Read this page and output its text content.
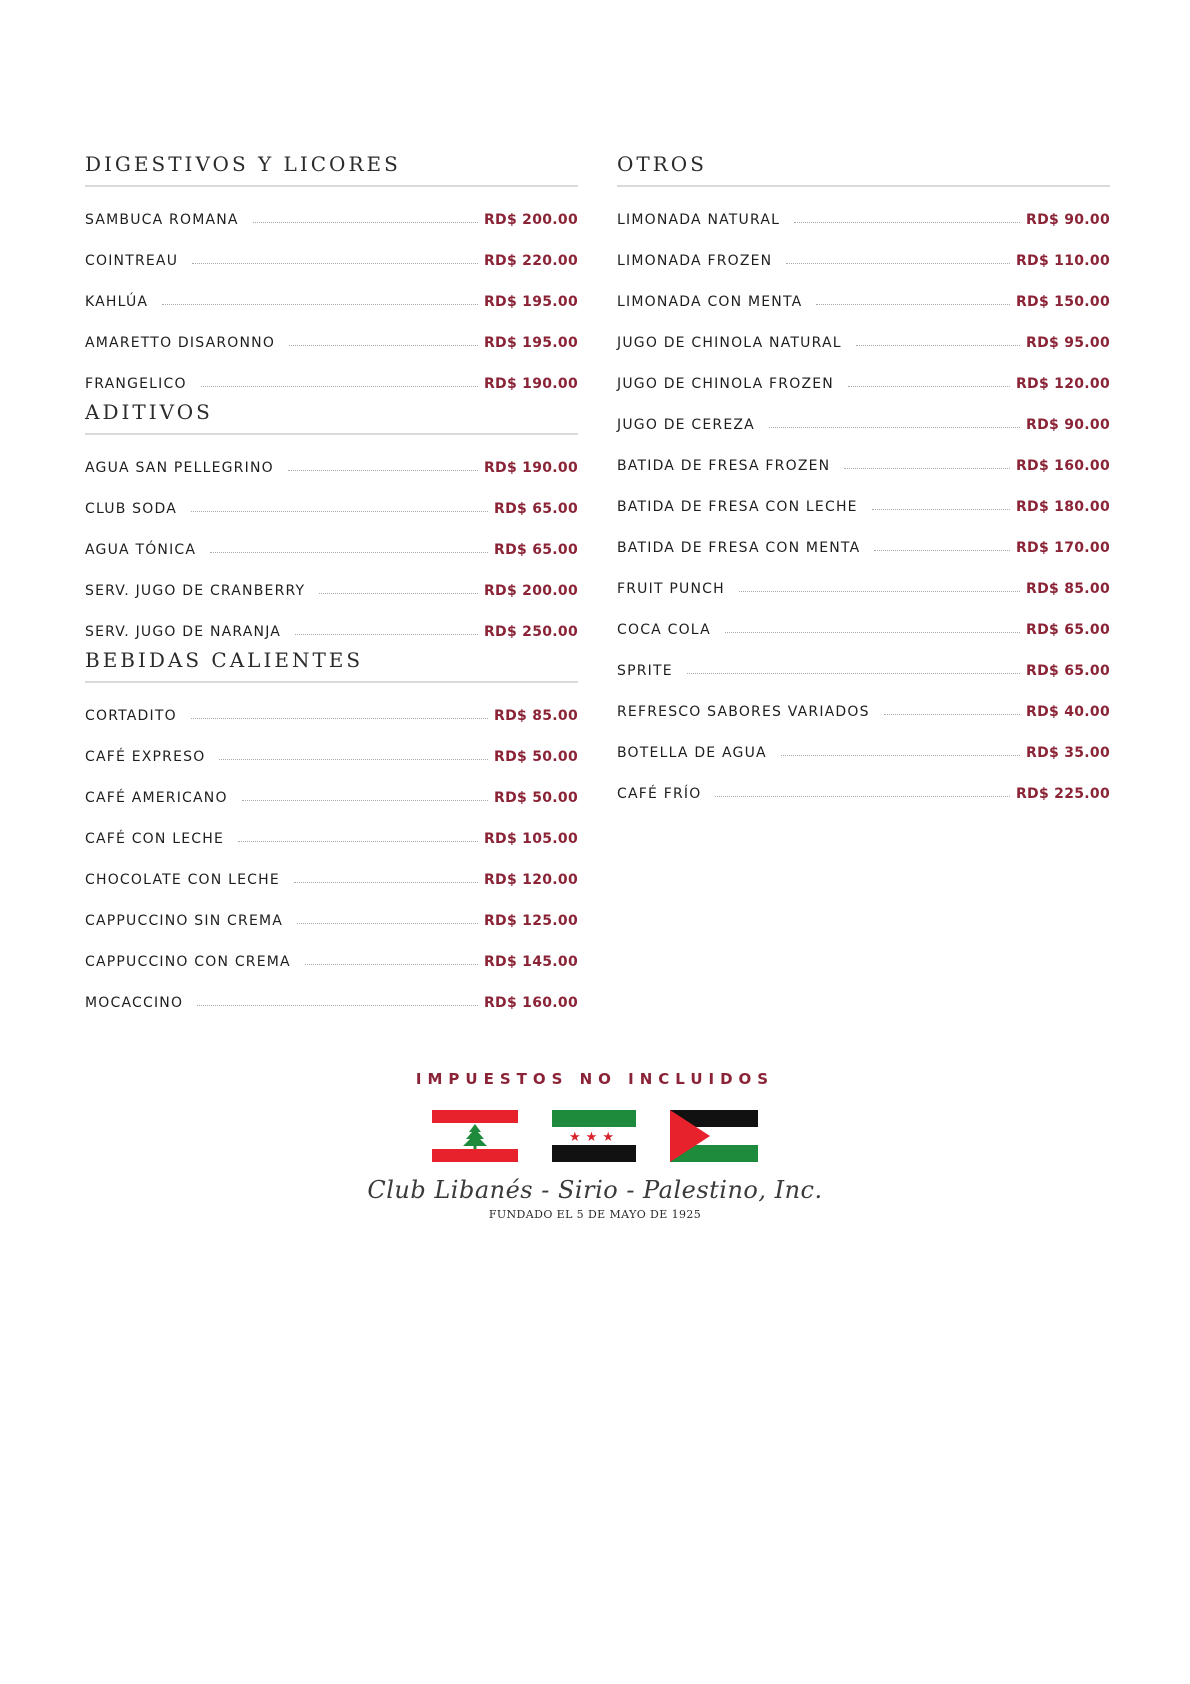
DIGESTIVOS Y LICORES
SAMBUCA ROMANA	RD$ 200.00
COINTREAU	RD$ 220.00
KAHLÚA	RD$ 195.00
AMARETTO DISARONNO	RD$ 195.00
FRANGELICO	RD$ 190.00
ADITIVOS
AGUA SAN PELLEGRINO	RD$ 190.00
CLUB SODA	RD$ 65.00
AGUA TÓNICA	RD$ 65.00
SERV. JUGO DE CRANBERRY	RD$ 200.00
SERV. JUGO DE NARANJA	RD$ 250.00
BEBIDAS CALIENTES
CORTADITO	RD$ 85.00
CAFÉ EXPRESO	RD$ 50.00
CAFÉ AMERICANO	RD$ 50.00
CAFÉ CON LECHE	RD$ 105.00
CHOCOLATE CON LECHE	RD$ 120.00
CAPPUCCINO SIN CREMA	RD$ 125.00
CAPPUCCINO CON CREMA	RD$ 145.00
MOCACCINO	RD$ 160.00
OTROS
LIMONADA NATURAL	RD$ 90.00
LIMONADA FROZEN	RD$ 110.00
LIMONADA CON MENTA	RD$ 150.00
JUGO DE CHINOLA NATURAL	RD$ 95.00
JUGO DE CHINOLA FROZEN	RD$ 120.00
JUGO DE CEREZA	RD$ 90.00
BATIDA DE FRESA FROZEN	RD$ 160.00
BATIDA DE FRESA CON LECHE	RD$ 180.00
BATIDA DE FRESA CON MENTA	RD$ 170.00
FRUIT PUNCH	RD$ 85.00
COCA COLA	RD$ 65.00
SPRITE	RD$ 65.00
REFRESCO SABORES VARIADOS	RD$ 40.00
BOTELLA DE AGUA	RD$ 35.00
CAFÉ FRÍO	RD$ 225.00

IMPUESTOS NO INCLUIDOS

★★★
Club Libanés - Sirio - Palestino, Inc.
FUNDADO EL 5 DE MAYO DE 1925
